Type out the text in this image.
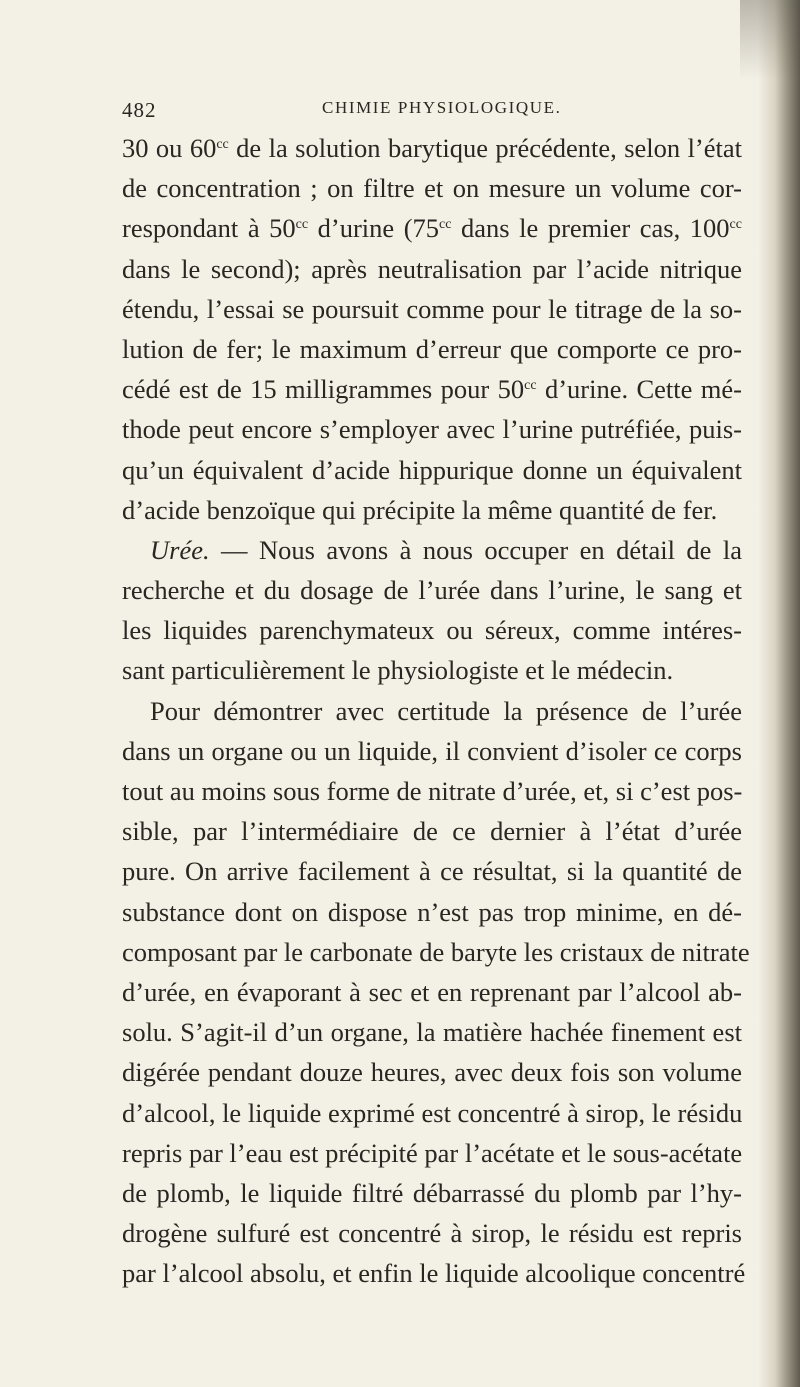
482	CHIMIE PHYSIOLOGIQUE.
30 ou $60^{cc}$ de la solution barytique précédente, selon l’état
de concentration ; on filtre et on mesure un volume cor-
respondant à $50^{cc}$ d’urine ($75^{cc}$ dans le premier cas, $100^{cc}$
dans le second); après neutralisation par l’acide nitrique
étendu, l’essai se poursuit comme pour le titrage de la so-
lution de fer; le maximum d’erreur que comporte ce pro-
cédé est de 15 milligrammes pour $50^{cc}$ d’urine. Cette mé-
thode peut encore s’employer avec l’urine putréfiée, puis-
qu’un équivalent d’acide hippurique donne un équivalent
d’acide benzoïque qui précipite la même quantité de fer.
Urée. — Nous avons à nous occuper en détail de la
recherche et du dosage de l’urée dans l’urine, le sang et
les liquides parenchymateux ou séreux, comme intéres-
sant particulièrement le physiologiste et le médecin.
Pour démontrer avec certitude la présence de l’urée
dans un organe ou un liquide, il convient d’isoler ce corps
tout au moins sous forme de nitrate d’urée, et, si c’est pos-
sible, par l’intermédiaire de ce dernier à l’état d’urée
pure. On arrive facilement à ce résultat, si la quantité de
substance dont on dispose n’est pas trop minime, en dé-
composant par le carbonate de baryte les cristaux de nitrate
d’urée, en évaporant à sec et en reprenant par l’alcool ab-
solu. S’agit-il d’un organe, la matière hachée finement est
digérée pendant douze heures, avec deux fois son volume
d’alcool, le liquide exprimé est concentré à sirop, le résidu
repris par l’eau est précipité par l’acétate et le sous-acétate
de plomb, le liquide filtré débarrassé du plomb par l’hy-
drogène sulfuré est concentré à sirop, le résidu est repris
par l’alcool absolu, et enfin le liquide alcoolique concentré
